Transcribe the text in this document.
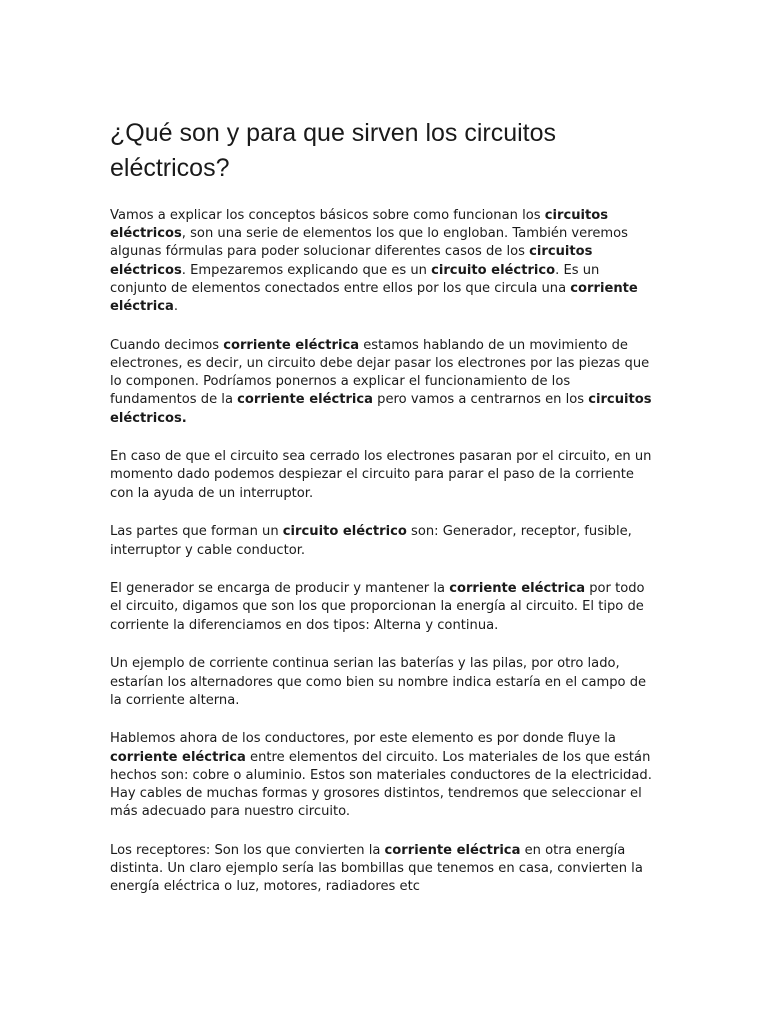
¿Qué son y para que sirven los circuitos eléctricos?

Vamos a explicar los conceptos básicos sobre como funcionan los circuitos eléctricos, son una serie de elementos los que lo engloban. También veremos algunas fórmulas para poder solucionar diferentes casos de los circuitos eléctricos. Empezaremos explicando que es un circuito eléctrico. Es un conjunto de elementos conectados entre ellos por los que circula una corriente eléctrica.

Cuando decimos corriente eléctrica estamos hablando de un movimiento de electrones, es decir, un circuito debe dejar pasar los electrones por las piezas que lo componen. Podríamos ponernos a explicar el funcionamiento de los fundamentos de la corriente eléctrica pero vamos a centrarnos en los circuitos eléctricos.

En caso de que el circuito sea cerrado los electrones pasaran por el circuito, en un momento dado podemos despiezar el circuito para parar el paso de la corriente con la ayuda de un interruptor.

Las partes que forman un circuito eléctrico son: Generador, receptor, fusible, interruptor y cable conductor.

El generador se encarga de producir y mantener la corriente eléctrica por todo el circuito, digamos que son los que proporcionan la energía al circuito. El tipo de corriente la diferenciamos en dos tipos: Alterna y continua.

Un ejemplo de corriente continua serian las baterías y las pilas, por otro lado, estarían los alternadores que como bien su nombre indica estaría en el campo de la corriente alterna.

Hablemos ahora de los conductores, por este elemento es por donde fluye la corriente eléctrica entre elementos del circuito. Los materiales de los que están hechos son: cobre o aluminio. Estos son materiales conductores de la electricidad. Hay cables de muchas formas y grosores distintos, tendremos que seleccionar el más adecuado para nuestro circuito.

Los receptores: Son los que convierten la corriente eléctrica en otra energía distinta. Un claro ejemplo sería las bombillas que tenemos en casa, convierten la energía eléctrica o luz, motores, radiadores etc
